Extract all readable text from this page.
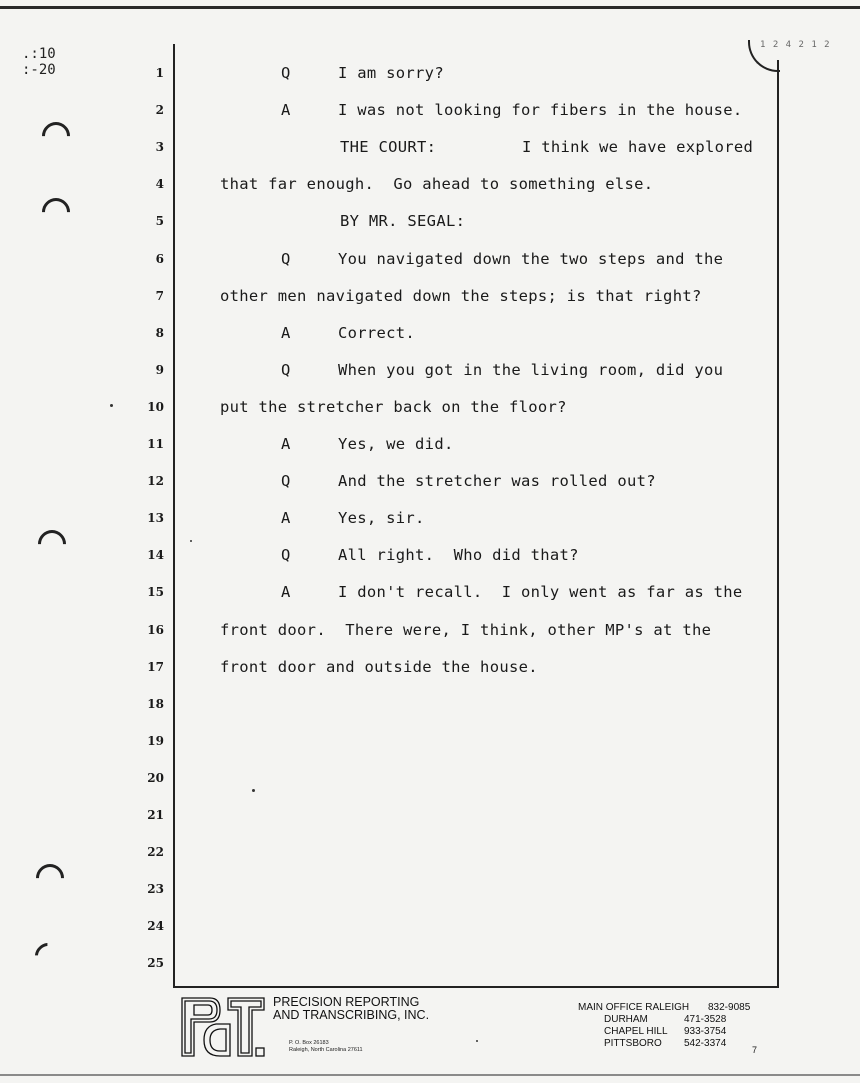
.:10
:-20
1 2 4 2 1 2
1
2
3
4
5
6
7
8
9
10
11
12
13
14
15
16
17
18
19
20
21
22
23
24
25
Q	I am sorry?
A	I was not looking for fibers in the house.
THE COURT:	I think we have explored
that far enough.  Go ahead to something else.
BY MR. SEGAL:
Q	You navigated down the two steps and the
other men navigated down the steps; is that right?
A	Correct.
Q	When you got in the living room, did you
put the stretcher back on the floor?
A	Yes, we did.
Q	And the stretcher was rolled out?
A	Yes, sir.
Q	All right.  Who did that?
A	I don't recall.  I only went as far as the
front door.  There were, I think, other MP's at the
front door and outside the house.
PRECISION REPORTING
AND TRANSCRIBING, INC.
P. O. Box 26183
Raleigh, North Carolina 27611
MAIN OFFICE RALEIGH 832-9085
DURHAM	471-3528
CHAPEL HILL 933-3754
PITTSBORO 542-3374
7
